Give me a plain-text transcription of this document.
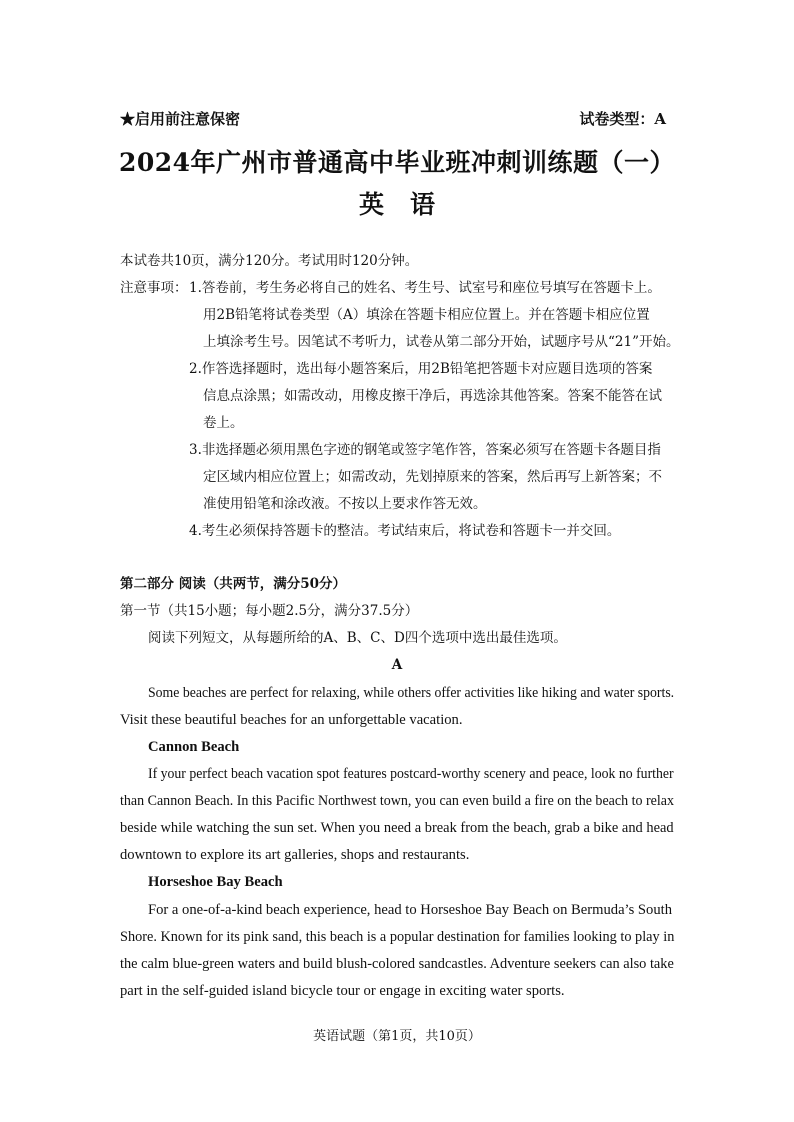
★启用前注意保密	试卷类型：A
2024年广州市普通高中毕业班冲刺训练题（一）
英语
本试卷共10页，满分120分。考试用时120分钟。
注意事项： 1.答卷前，考生务必将自己的姓名、考生号、试室号和座位号填写在答题卡上。
用2B铅笔将试卷类型（A）填涂在答题卡相应位置上。并在答题卡相应位置
上填涂考生号。因笔试不考听力，试卷从第二部分开始，试题序号从“21”开始。
2.作答选择题时，选出每小题答案后，用2B铅笔把答题卡对应题目选项的答案
信息点涂黑；如需改动，用橡皮擦干净后，再选涂其他答案。答案不能答在试
卷上。
3.非选择题必须用黑色字迹的钢笔或签字笔作答，答案必须写在答题卡各题目指
定区域内相应位置上；如需改动，先划掉原来的答案，然后再写上新答案；不
准使用铅笔和涂改液。不按以上要求作答无效。
4.考生必须保持答题卡的整洁。考试结束后，将试卷和答题卡一并交回。
第二部分 阅读（共两节，满分50分）
第一节（共15小题；每小题2.5分，满分37.5分）
阅读下列短文，从每题所给的A、B、C、D四个选项中选出最佳选项。
A
Some beaches are perfect for relaxing, while others offer activities like hiking and water sports.
Visit these beautiful beaches for an unforgettable vacation.
Cannon Beach
If your perfect beach vacation spot features postcard-worthy scenery and peace, look no further
than Cannon Beach. In this Pacific Northwest town, you can even build a fire on the beach to relax
beside while watching the sun set. When you need a break from the beach, grab a bike and head
downtown to explore its art galleries, shops and restaurants.
Horseshoe Bay Beach
For a one-of-a-kind beach experience, head to Horseshoe Bay Beach on Bermuda’s South
Shore. Known for its pink sand, this beach is a popular destination for families looking to play in
the calm blue-green waters and build blush-colored sandcastles. Adventure seekers can also take
part in the self-guided island bicycle tour or engage in exciting water sports.
英语试题（第1页，共10页）
